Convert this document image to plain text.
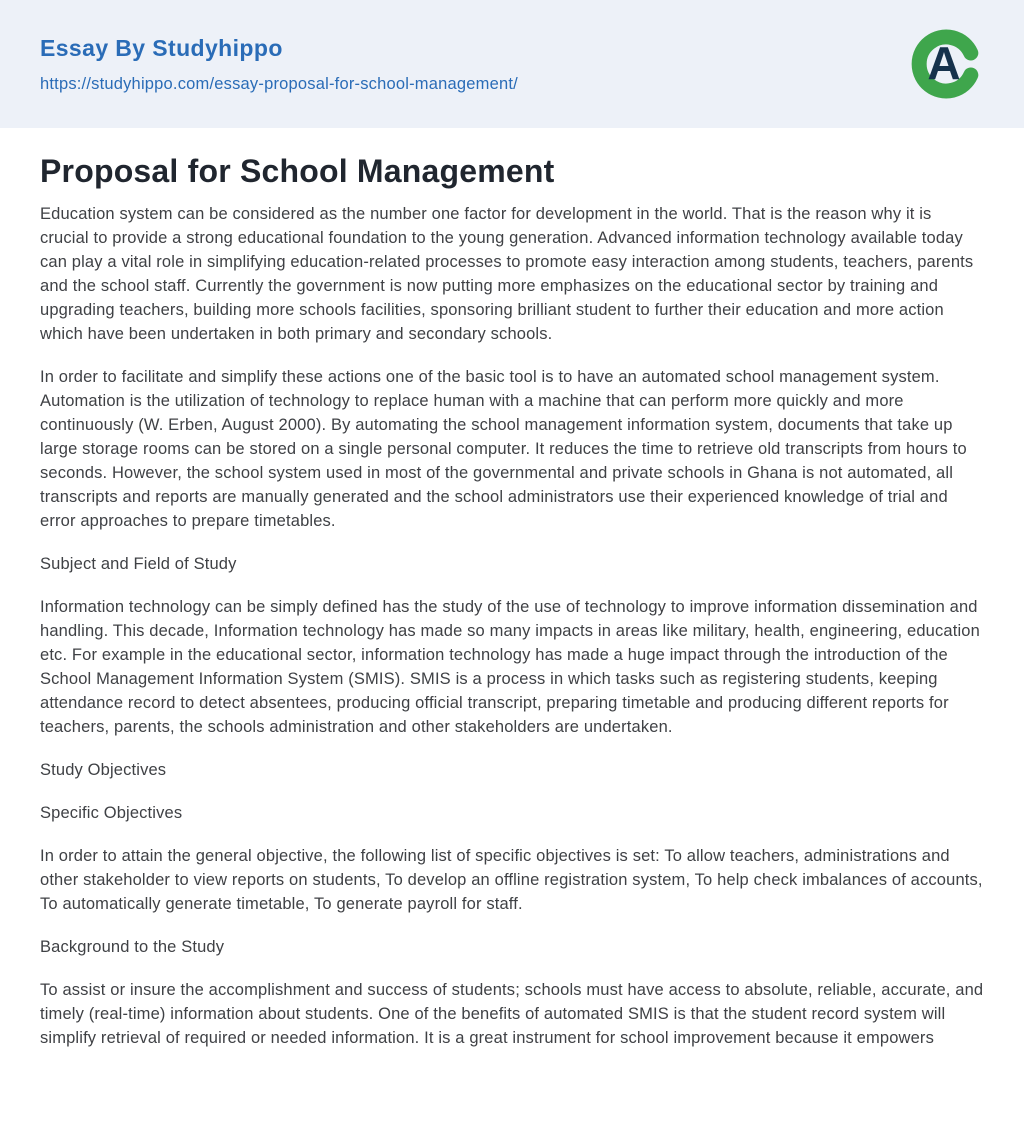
Essay By Studyhippo
https://studyhippo.com/essay-proposal-for-school-management/	A
Proposal for School Management

Education system can be considered as the number one factor for development in the world. That is the reason why it is crucial to provide a strong educational foundation to the young generation. Advanced information technology available today can play a vital role in simplifying education-related processes to promote easy interaction among students, teachers, parents and the school staff. Currently the government is now putting more emphasizes on the educational sector by training and upgrading teachers, building more schools facilities, sponsoring brilliant student to further their education and more action which have been undertaken in both primary and secondary schools.

In order to facilitate and simplify these actions one of the basic tool is to have an automated school management system. Automation is the utilization of technology to replace human with a machine that can perform more quickly and more continuously (W. Erben, August 2000). By automating the school management information system, documents that take up large storage rooms can be stored on a single personal computer. It reduces the time to retrieve old transcripts from hours to seconds. However, the school system used in most of the governmental and private schools in Ghana is not automated, all transcripts and reports are manually generated and the school administrators use their experienced knowledge of trial and error approaches to prepare timetables.

Subject and Field of Study

Information technology can be simply defined has the study of the use of technology to improve information dissemination and handling. This decade, Information technology has made so many impacts in areas like military, health, engineering, education etc. For example in the educational sector, information technology has made a huge impact through the introduction of the School Management Information System (SMIS). SMIS is a process in which tasks such as registering students, keeping attendance record to detect absentees, producing official transcript, preparing timetable and producing different reports for teachers, parents, the schools administration and other stakeholders are undertaken.

Study Objectives

Specific Objectives

In order to attain the general objective, the following list of specific objectives is set: To allow teachers, administrations and other stakeholder to view reports on students, To develop an offline registration system, To help check imbalances of accounts, To automatically generate timetable, To generate payroll for staff.

Background to the Study

To assist or insure the accomplishment and success of students; schools must have access to absolute, reliable, accurate, and timely (real-time) information about students. One of the benefits of automated SMIS is that the student record system will simplify retrieval of required or needed information. It is a great instrument for school improvement because it empowers
